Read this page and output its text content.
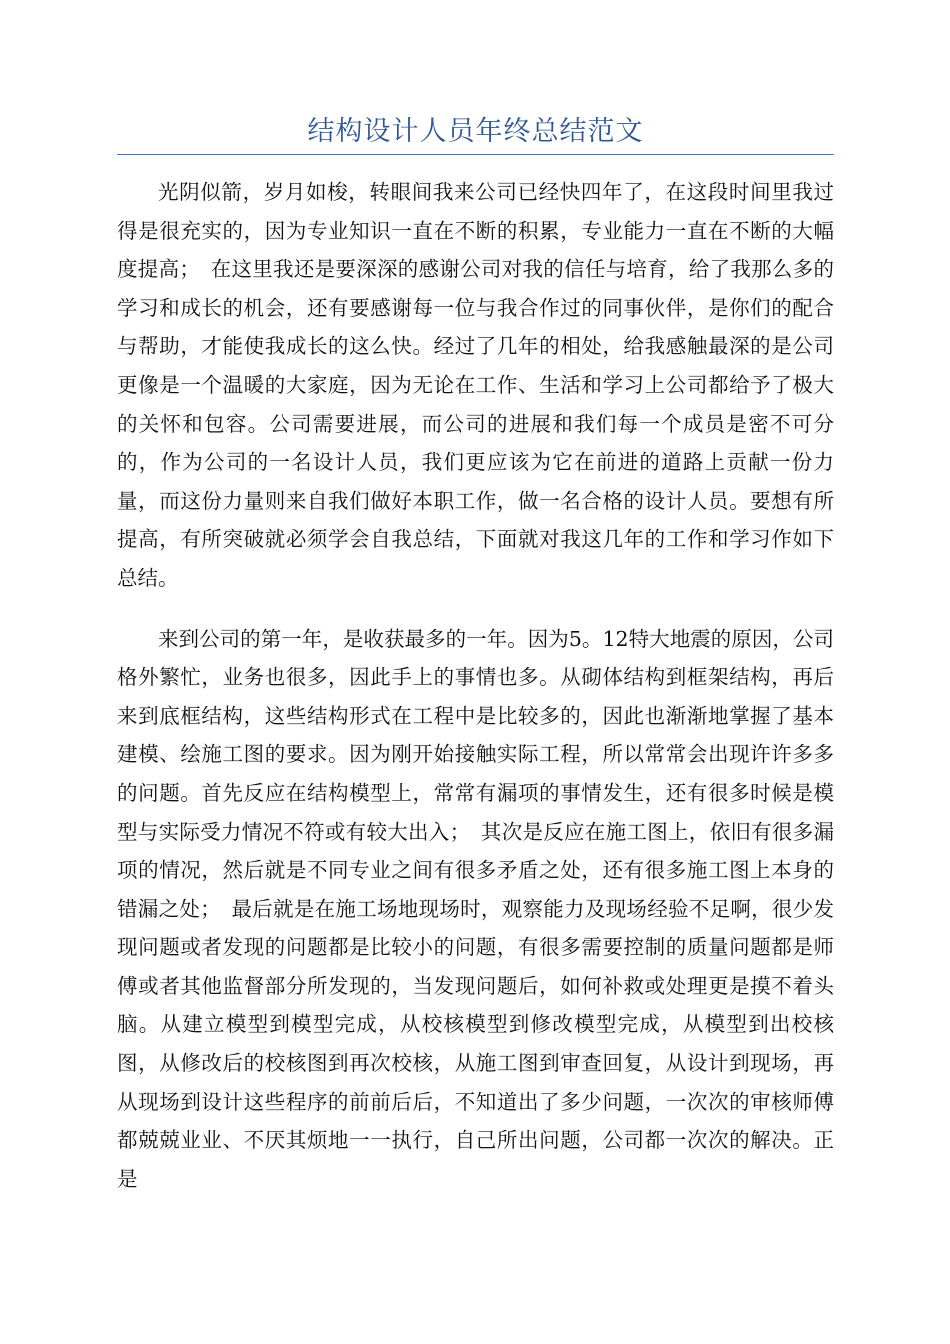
结构设计人员年终总结范文

光阴似箭，岁月如梭，转眼间我来公司已经快四年了，在这段时间里我过得是很充实的，因为专业知识一直在不断的积累，专业能力一直在不断的大幅度提高；　在这里我还是要深深的感谢公司对我的信任与培育，给了我那么多的学习和成长的机会，还有要感谢每一位与我合作过的同事伙伴，是你们的配合与帮助，才能使我成长的这么快。经过了几年的相处，给我感触最深的是公司更像是一个温暖的大家庭，因为无论在工作、生活和学习上公司都给予了极大的关怀和包容。公司需要进展，而公司的进展和我们每一个成员是密不可分的，作为公司的一名设计人员，我们更应该为它在前进的道路上贡献一份力量，而这份力量则来自我们做好本职工作，做一名合格的设计人员。要想有所提高，有所突破就必须学会自我总结，下面就对我这几年的工作和学习作如下总结。

来到公司的第一年，是收获最多的一年。因为5。12特大地震的原因，公司格外繁忙，业务也很多，因此手上的事情也多。从砌体结构到框架结构，再后来到底框结构，这些结构形式在工程中是比较多的，因此也渐渐地掌握了基本建模、绘施工图的要求。因为刚开始接触实际工程，所以常常会出现许许多多的问题。首先反应在结构模型上，常常有漏项的事情发生，还有很多时候是模型与实际受力情况不符或有较大出入；　其次是反应在施工图上，依旧有很多漏项的情况，然后就是不同专业之间有很多矛盾之处，还有很多施工图上本身的错漏之处；　最后就是在施工场地现场时，观察能力及现场经验不足啊，很少发现问题或者发现的问题都是比较小的问题，有很多需要控制的质量问题都是师傅或者其他监督部分所发现的，当发现问题后，如何补救或处理更是摸不着头脑。从建立模型到模型完成，从校核模型到修改模型完成，从模型到出校核图，从修改后的校核图到再次校核，从施工图到审查回复，从设计到现场，再从现场到设计这些程序的前前后后，不知道出了多少问题，一次次的审核师傅都兢兢业业、不厌其烦地一一执行，自己所出问题，公司都一次次的解决。正是
